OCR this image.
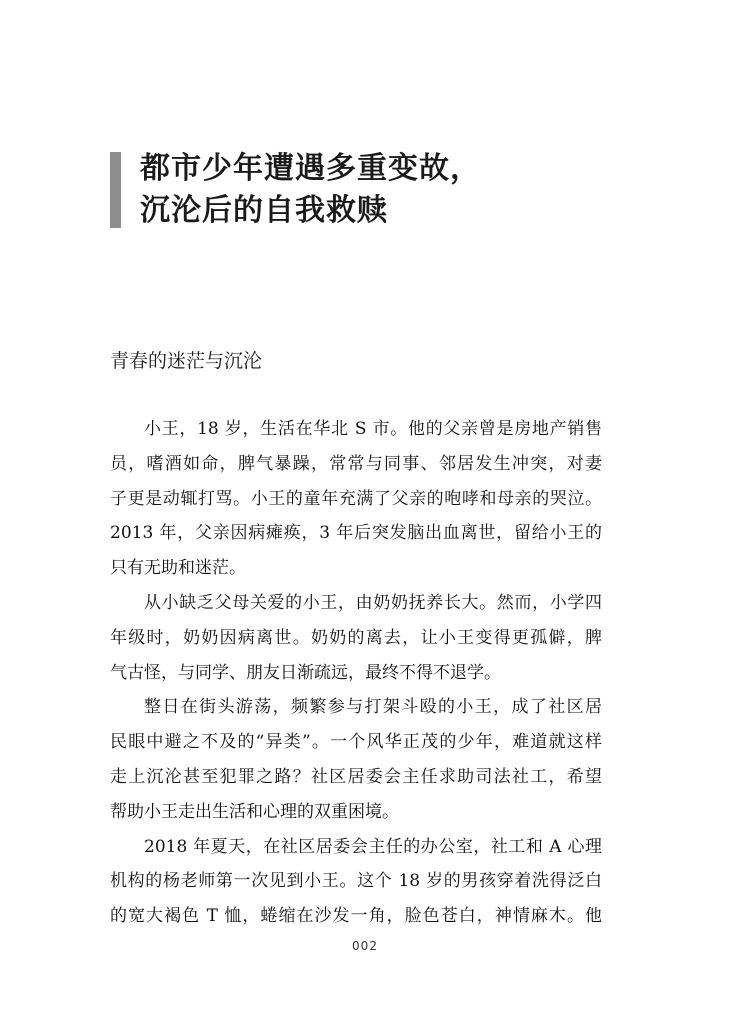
都市少年遭遇多重变故，
沉沦后的自我救赎
青春的迷茫与沉沦
小王，18 岁，生活在华北 S 市。他的父亲曾是房地产销售
员，嗜酒如命，脾气暴躁，常常与同事、邻居发生冲突，对妻
子更是动辄打骂。小王的童年充满了父亲的咆哮和母亲的哭泣。
2013 年，父亲因病瘫痪，3 年后突发脑出血离世，留给小王的
只有无助和迷茫。
从小缺乏父母关爱的小王，由奶奶抚养长大。然而，小学四
年级时，奶奶因病离世。奶奶的离去，让小王变得更孤僻，脾
气古怪，与同学、朋友日渐疏远，最终不得不退学。
整日在街头游荡，频繁参与打架斗殴的小王，成了社区居
民眼中避之不及的“异类”。一个风华正茂的少年，难道就这样
走上沉沦甚至犯罪之路？社区居委会主任求助司法社工，希望
帮助小王走出生活和心理的双重困境。
2018 年夏天，在社区居委会主任的办公室，社工和 A 心理
机构的杨老师第一次见到小王。这个 18 岁的男孩穿着洗得泛白
的宽大褐色 T 恤，蜷缩在沙发一角，脸色苍白，神情麻木。他
002
